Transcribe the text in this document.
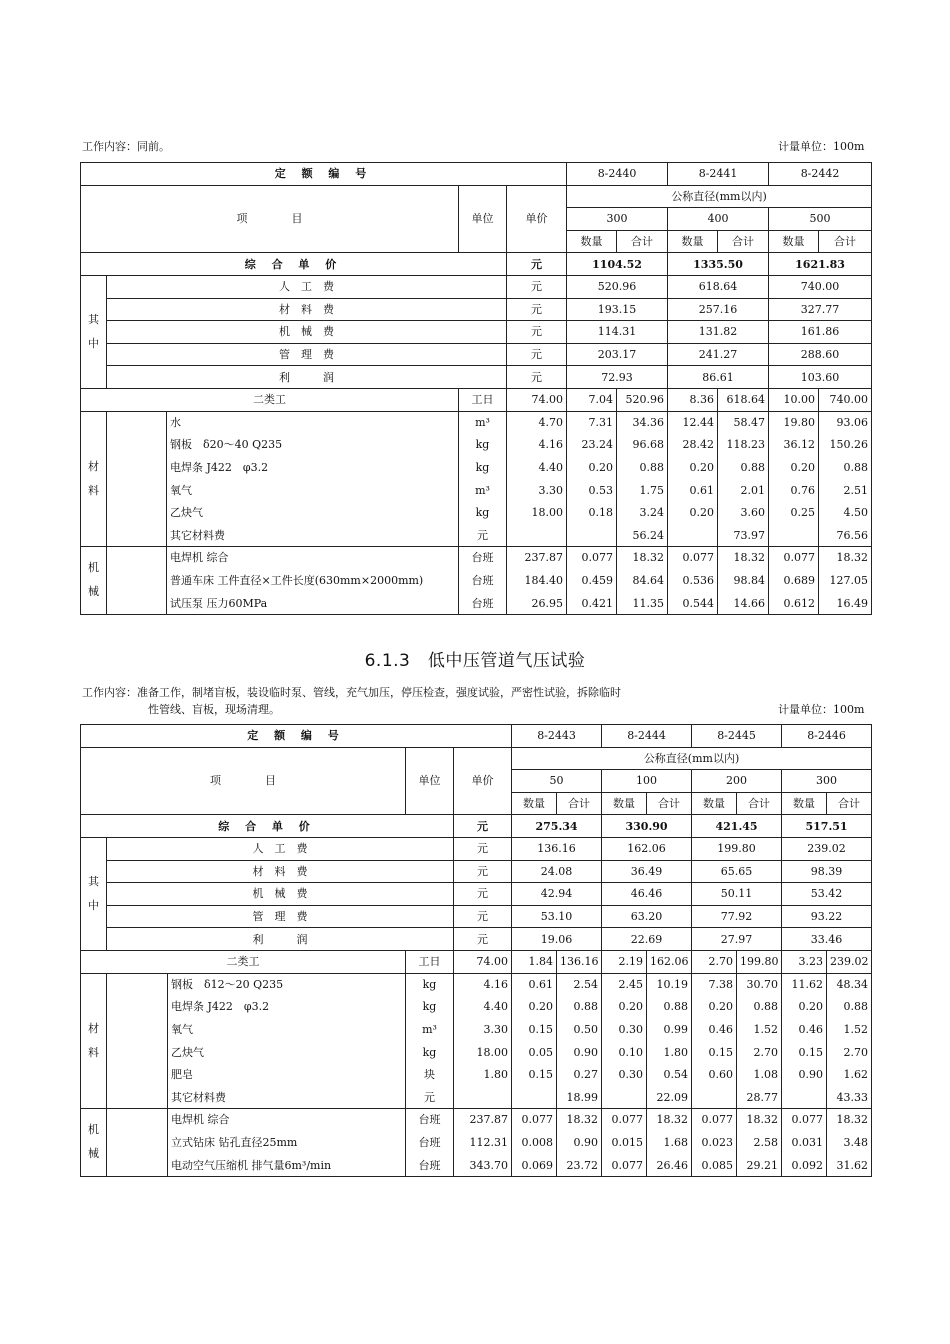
工作内容：同前。	计量单位：100m
定 额 编 号					8-2440		8-2441		8-2442	
项　　　　目			单位	单价	公称直径(mm以内)					
					300		400		500	
					数量	合计	数量	合计	数量	合计
综 合 单 价				元	1104.52		1335.50		1621.83	

其
中	人　工　费			元	520.96		618.64		740.00	
	材　料　费			元	193.15		257.16		327.77	
	机　械　费			元	114.31		131.82		161.86	
	管　理　费			元	203.17		241.27		288.60	
	利　　　润			元	72.93		86.61		103.60	
二类工			工日	74.00	7.04	520.96	8.36	618.64	10.00	740.00

材
料		水	m³	4.70	7.31	34.36	12.44	58.47	19.80	93.06
		钢板　δ20～40 Q235	kg	4.16	23.24	96.68	28.42	118.23	36.12	150.26
		电焊条 J422　φ3.2	kg	4.40	0.20	0.88	0.20	0.88	0.20	0.88
		氧气	m³	3.30	0.53	1.75	0.61	2.01	0.76	2.51
		乙炔气	kg	18.00	0.18	3.24	0.20	3.60	0.25	4.50
		其它材料费	元			56.24		73.97		76.56

机
械		电焊机 综合	台班	237.87	0.077	18.32	0.077	18.32	0.077	18.32
		普通车床 工件直径×工件长度(630mm×2000mm)	台班	184.40	0.459	84.64	0.536	98.84	0.689	127.05
		试压泵 压力60MPa	台班	26.95	0.421	11.35	0.544	14.66	0.612	16.49
6.1.3　低中压管道气压试验
工作内容：准备工作，制堵盲板，装设临时泵、管线，充气加压，停压检查，强度试验，严密性试验，拆除临时
性管线、盲板，现场清理。	计量单位：100m
定 额 编 号					8-2443		8-2444		8-2445		8-2446	
项　　　　目			单位	单价	公称直径(mm以内)							
					50		100		200		300	
					数量	合计	数量	合计	数量	合计	数量	合计
综 合 单 价				元	275.34		330.90		421.45		517.51	

其
中	人　工　费			元	136.16		162.06		199.80		239.02	
	材　料　费			元	24.08		36.49		65.65		98.39	
	机　械　费			元	42.94		46.46		50.11		53.42	
	管　理　费			元	53.10		63.20		77.92		93.22	
	利　　　润			元	19.06		22.69		27.97		33.46	
二类工			工日	74.00	1.84	136.16	2.19	162.06	2.70	199.80	3.23	239.02

材
料		钢板　δ12～20 Q235	kg	4.16	0.61	2.54	2.45	10.19	7.38	30.70	11.62	48.34
		电焊条 J422　φ3.2	kg	4.40	0.20	0.88	0.20	0.88	0.20	0.88	0.20	0.88
		氧气	m³	3.30	0.15	0.50	0.30	0.99	0.46	1.52	0.46	1.52
		乙炔气	kg	18.00	0.05	0.90	0.10	1.80	0.15	2.70	0.15	2.70
		肥皂	块	1.80	0.15	0.27	0.30	0.54	0.60	1.08	0.90	1.62
		其它材料费	元			18.99		22.09		28.77		43.33

机
械		电焊机 综合	台班	237.87	0.077	18.32	0.077	18.32	0.077	18.32	0.077	18.32
		立式钻床 钻孔直径25mm	台班	112.31	0.008	0.90	0.015	1.68	0.023	2.58	0.031	3.48
		电动空气压缩机 排气量6m³/min	台班	343.70	0.069	23.72	0.077	26.46	0.085	29.21	0.092	31.62
